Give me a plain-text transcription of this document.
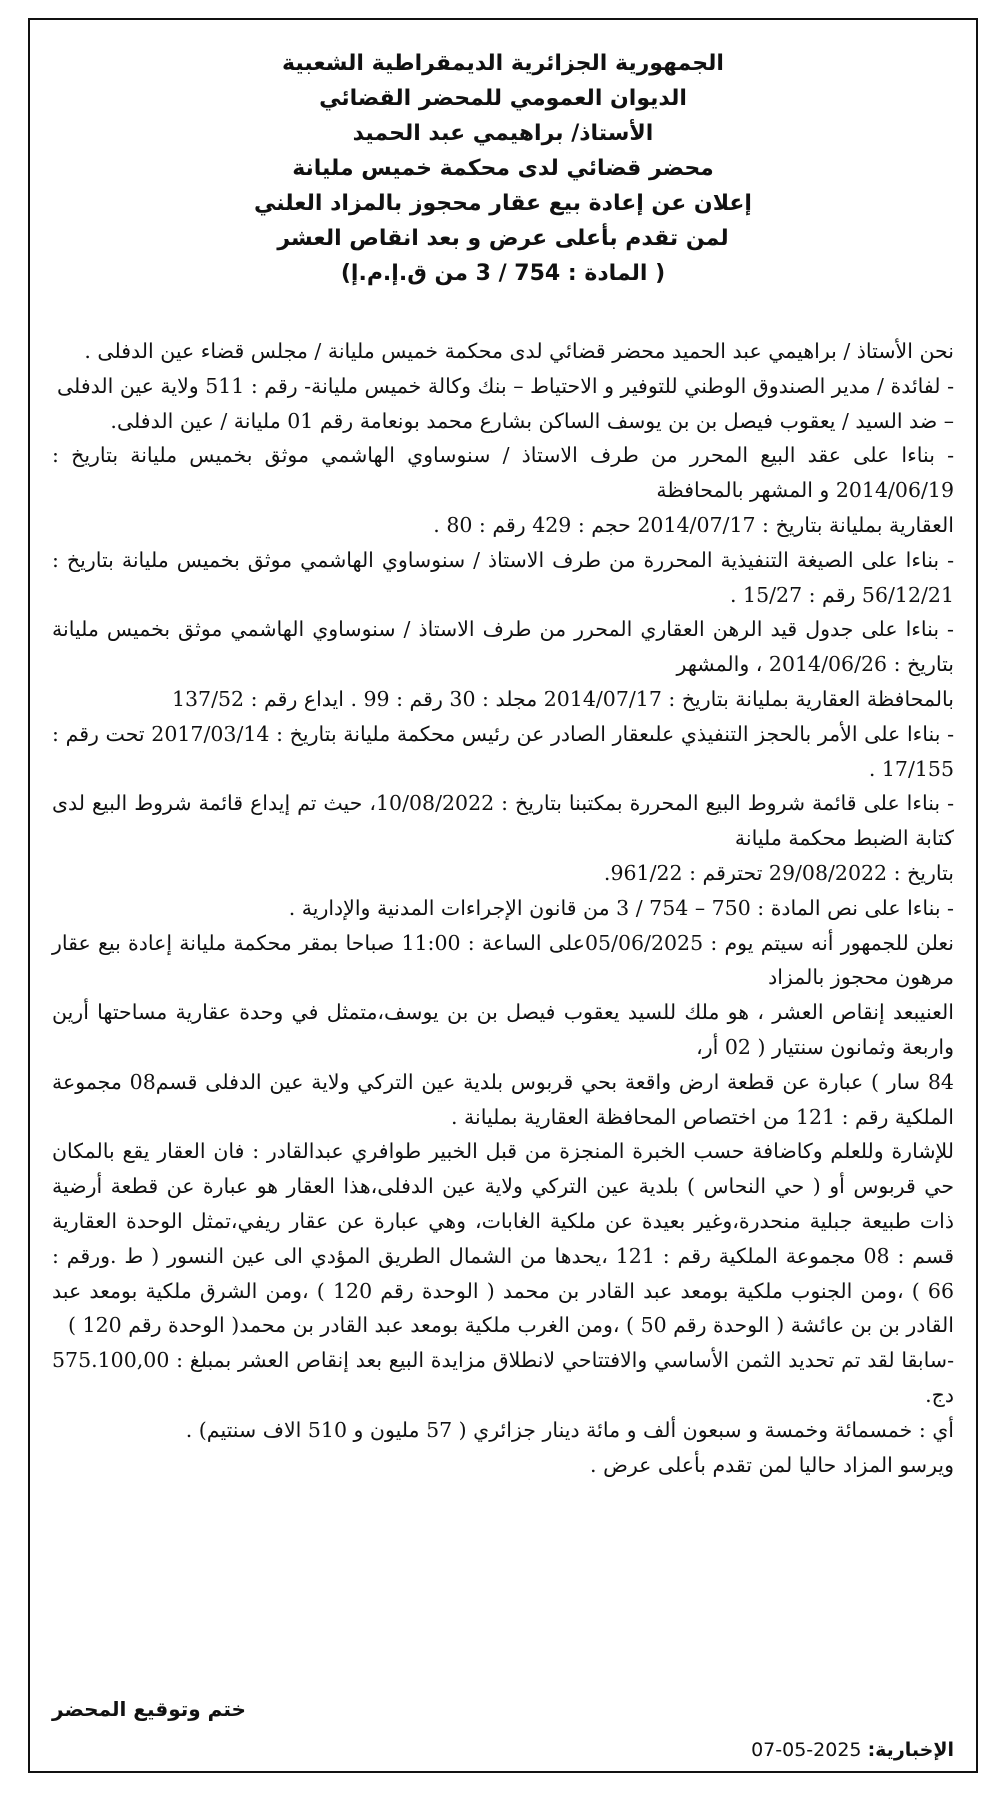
الجمهورية الجزائرية الديمقراطية الشعبية
الديوان العمومي للمحضر القضائي
الأستاذ/ براهيمي عبد الحميد
محضر قضائي لدى محكمة خميس مليانة
إعلان عن إعادة بيع عقار محجوز بالمزاد العلني
لمن تقدم بأعلى عرض و بعد انقاص العشر
( المادة : 754 / 3 من ق.إ.م.إ)

نحن الأستاذ / براهيمي عبد الحميد محضر قضائي لدى محكمة خميس مليانة / مجلس قضاء عين الدفلى .

- لفائدة / مدير الصندوق الوطني للتوفير و الاحتياط – بنك وكالة خميس مليانة- رقم : 511 ولاية عين الدفلى

– ضد السيد / يعقوب فيصل بن بن يوسف الساكن بشارع محمد بونعامة رقم 01 مليانة / عين الدفلى.

- بناءا على عقد البيع المحرر من طرف الاستاذ / سنوساوي الهاشمي موثق بخميس مليانة بتاريخ : 2014/06/19 و المشهر بالمحافظة

العقارية بمليانة بتاريخ : 2014/07/17 حجم : 429 رقم : 80 .

- بناءا على الصيغة التنفيذية المحررة من طرف الاستاذ / سنوساوي الهاشمي موثق بخميس مليانة بتاريخ : 56/12/21 رقم : 15/27 .

- بناءا على جدول قيد الرهن العقاري المحرر من طرف الاستاذ / سنوساوي الهاشمي موثق بخميس مليانة بتاريخ : 2014/06/26 ، والمشهر

بالمحافظة العقارية بمليانة بتاريخ : 2014/07/17 مجلد : 30 رقم : 99 . ايداع رقم : 137/52

- بناءا على الأمر بالحجز التنفيذي علىعقار الصادر عن رئيس محكمة مليانة بتاريخ : 2017/03/14 تحت رقم : 17/155 .

- بناءا على قائمة شروط البيع المحررة بمكتبنا بتاريخ : 10/08/2022، حيث تم إيداع قائمة شروط البيع لدى كتابة الضبط محكمة مليانة

بتاريخ : 29/08/2022 تحترقم : 961/22.

- بناءا على نص المادة : 750 – 754 / 3 من قانون الإجراءات المدنية والإدارية .

نعلن للجمهور أنه سيتم يوم : 05/06/2025على الساعة : 11:00 صباحا بمقر محكمة مليانة إعادة بيع عقار مرهون محجوز بالمزاد

العنيبعد إنقاص العشر ، هو ملك للسيد يعقوب فيصل بن بن يوسف،متمثل في وحدة عقارية مساحتها أرين واربعة وثمانون سنتيار ( 02 أر،

84 سار ) عبارة عن قطعة ارض واقعة بحي قربوس بلدية عين التركي ولاية عين الدفلى قسم08 مجموعة الملكية رقم : 121 من اختصاص المحافظة العقارية بمليانة .

للإشارة وللعلم وكاضافة حسب الخبرة المنجزة من قبل الخبير طوافري عبدالقادر : فان العقار يقع بالمكان حي قربوس أو ( حي النحاس ) بلدية عين التركي ولاية عين الدفلى،هذا العقار هو عبارة عن قطعة أرضية ذات طبيعة جبلية منحدرة،وغير بعيدة عن ملكية الغابات، وهي عبارة عن عقار ريفي،تمثل الوحدة العقارية قسم : 08 مجموعة الملكية رقم : 121 ،يحدها من الشمال الطريق المؤدي الى عين النسور ( ط .ورقم : 66 ) ،ومن الجنوب ملكية بومعد عبد القادر بن محمد ( الوحدة رقم 120 ) ،ومن الشرق ملكية بومعد عبد القادر بن بن عائشة ( الوحدة رقم 50 ) ،ومن الغرب ملكية بومعد عبد القادر بن محمد( الوحدة رقم 120 )

-سابقا لقد تم تحديد الثمن الأساسي والافتتاحي لانطلاق مزايدة البيع بعد إنقاص العشر بمبلغ : 575.100,00 دج.

أي : خمسمائة وخمسة و سبعون ألف و مائة دينار جزائري ( 57 مليون و 510 الاف سنتيم) .

ويرسو المزاد حاليا لمن تقدم بأعلى عرض .

الإخبارية: 2025-05-07
ختم وتوقيع المحضر
